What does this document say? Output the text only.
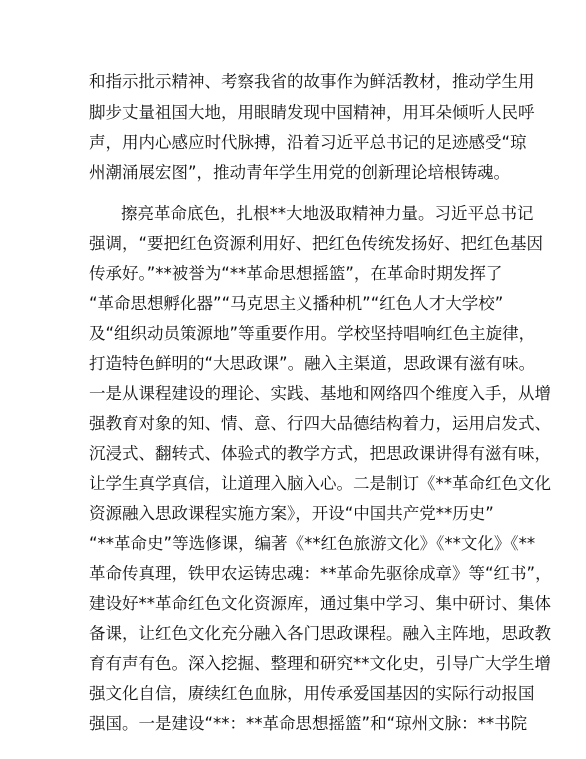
和指示批示精神、考察我省的故事作为鲜活教材，推动学生用
脚步丈量祖国大地，用眼睛发现中国精神，用耳朵倾听人民呼
声，用内心感应时代脉搏，沿着习近平总书记的足迹感受“琼
州潮涌展宏图”，推动青年学生用党的创新理论培根铸魂。
擦亮革命底色，扎根**大地汲取精神力量。习近平总书记
强调，“要把红色资源利用好、把红色传统发扬好、把红色基因
传承好。”**被誉为“**革命思想摇篮”，在革命时期发挥了
“革命思想孵化器”“马克思主义播种机”“红色人才大学校”
及“组织动员策源地”等重要作用。学校坚持唱响红色主旋律，
打造特色鲜明的“大思政课”。融入主渠道，思政课有滋有味。
一是从课程建设的理论、实践、基地和网络四个维度入手，从增
强教育对象的知、情、意、行四大品德结构着力，运用启发式、
沉浸式、翻转式、体验式的教学方式，把思政课讲得有滋有味，
让学生真学真信，让道理入脑入心。二是制订《**革命红色文化
资源融入思政课程实施方案》，开设“中国共产党**历史”
“**革命史”等选修课，编著《**红色旅游文化》《**文化》《**
革命传真理，铁甲农运铸忠魂：**革命先驱徐成章》等“红书”，
建设好**革命红色文化资源库，通过集中学习、集中研讨、集体
备课，让红色文化充分融入各门思政课程。融入主阵地，思政教
育有声有色。深入挖掘、整理和研究**文化史，引导广大学生增
强文化自信，赓续红色血脉，用传承爱国基因的实际行动报国
强国。一是建设“**：**革命思想摇篮”和“琼州文脉：**书院
